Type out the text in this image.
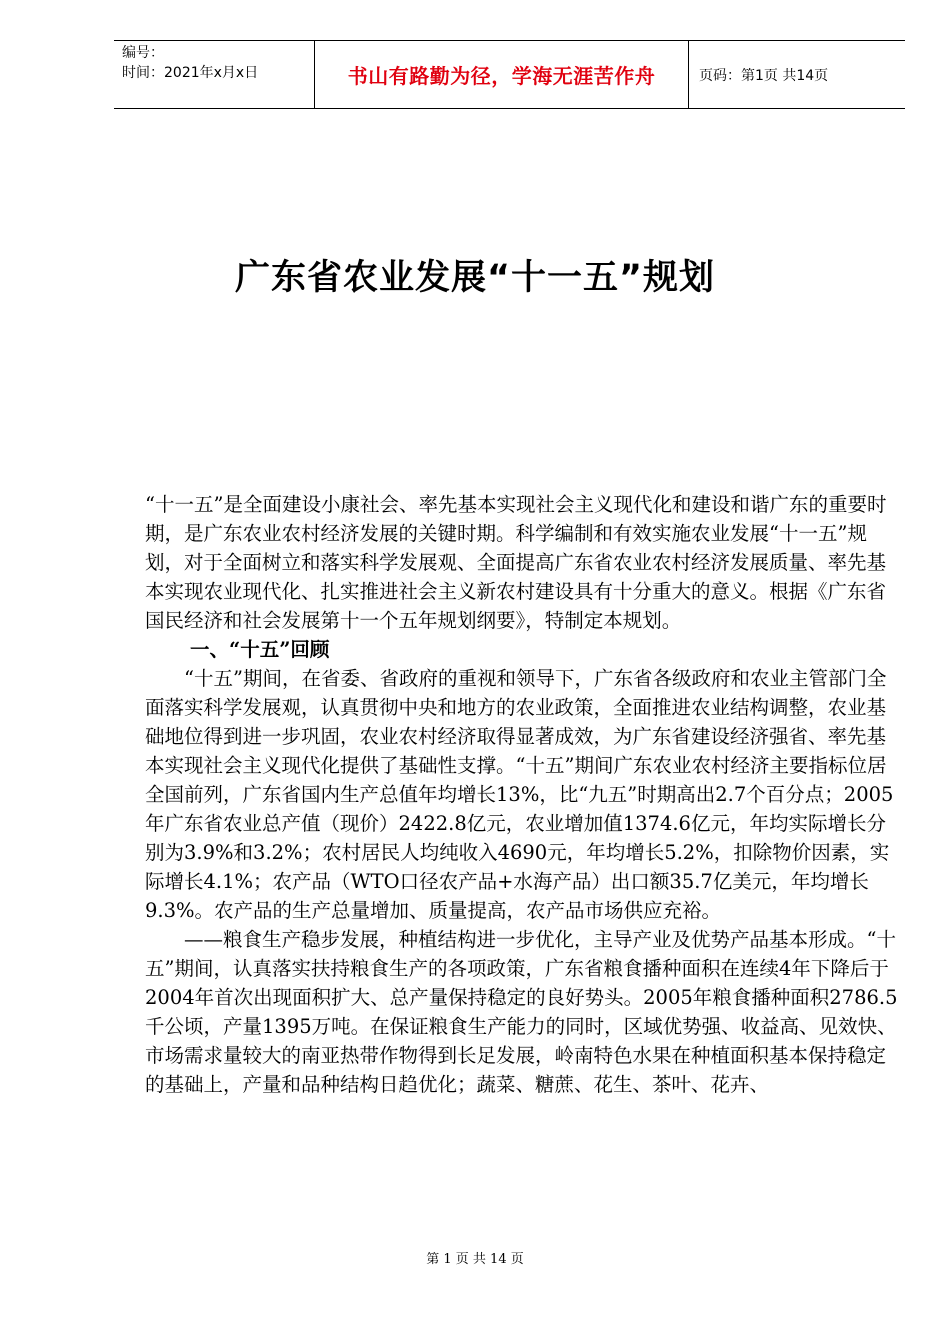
编号：
时间：2021年x月x日	书山有路勤为径，学海无涯苦作舟	页码：第1页 共14页
广东省农业发展“十一五”规划

“十一五”是全面建设小康社会、率先基本实现社会主义现代化和建设和谐广东的重要时期，是广东农业农村经济发展的关键时期。科学编制和有效实施农业发展“十一五”规划，对于全面树立和落实科学发展观、全面提高广东省农业农村经济发展质量、率先基本实现农业现代化、扎实推进社会主义新农村建设具有十分重大的意义。根据《广东省国民经济和社会发展第十一个五年规划纲要》，特制定本规划。

一、“十五”回顾

“十五”期间，在省委、省政府的重视和领导下，广东省各级政府和农业主管部门全面落实科学发展观，认真贯彻中央和地方的农业政策，全面推进农业结构调整，农业基础地位得到进一步巩固，农业农村经济取得显著成效，为广东省建设经济强省、率先基本实现社会主义现代化提供了基础性支撑。“十五”期间广东农业农村经济主要指标位居全国前列，广东省国内生产总值年均增长13%，比“九五”时期高出2.7个百分点；2005年广东省农业总产值（现价）2422.8亿元，农业增加值1374.6亿元，年均实际增长分别为3.9%和3.2%；农村居民人均纯收入4690元，年均增长5.2%，扣除物价因素，实际增长4.1%；农产品（WTO口径农产品+水海产品）出口额35.7亿美元，年均增长9.3%。农产品的生产总量增加、质量提高，农产品市场供应充裕。

——粮食生产稳步发展，种植结构进一步优化，主导产业及优势产品基本形成。“十五”期间，认真落实扶持粮食生产的各项政策，广东省粮食播种面积在连续4年下降后于2004年首次出现面积扩大、总产量保持稳定的良好势头。2005年粮食播种面积2786.5千公顷，产量1395万吨。在保证粮食生产能力的同时，区域优势强、收益高、见效快、市场需求量较大的南亚热带作物得到长足发展，岭南特色水果在种植面积基本保持稳定的基础上，产量和品种结构日趋优化；蔬菜、糖蔗、花生、茶叶、花卉、

第 1 页 共 14 页
